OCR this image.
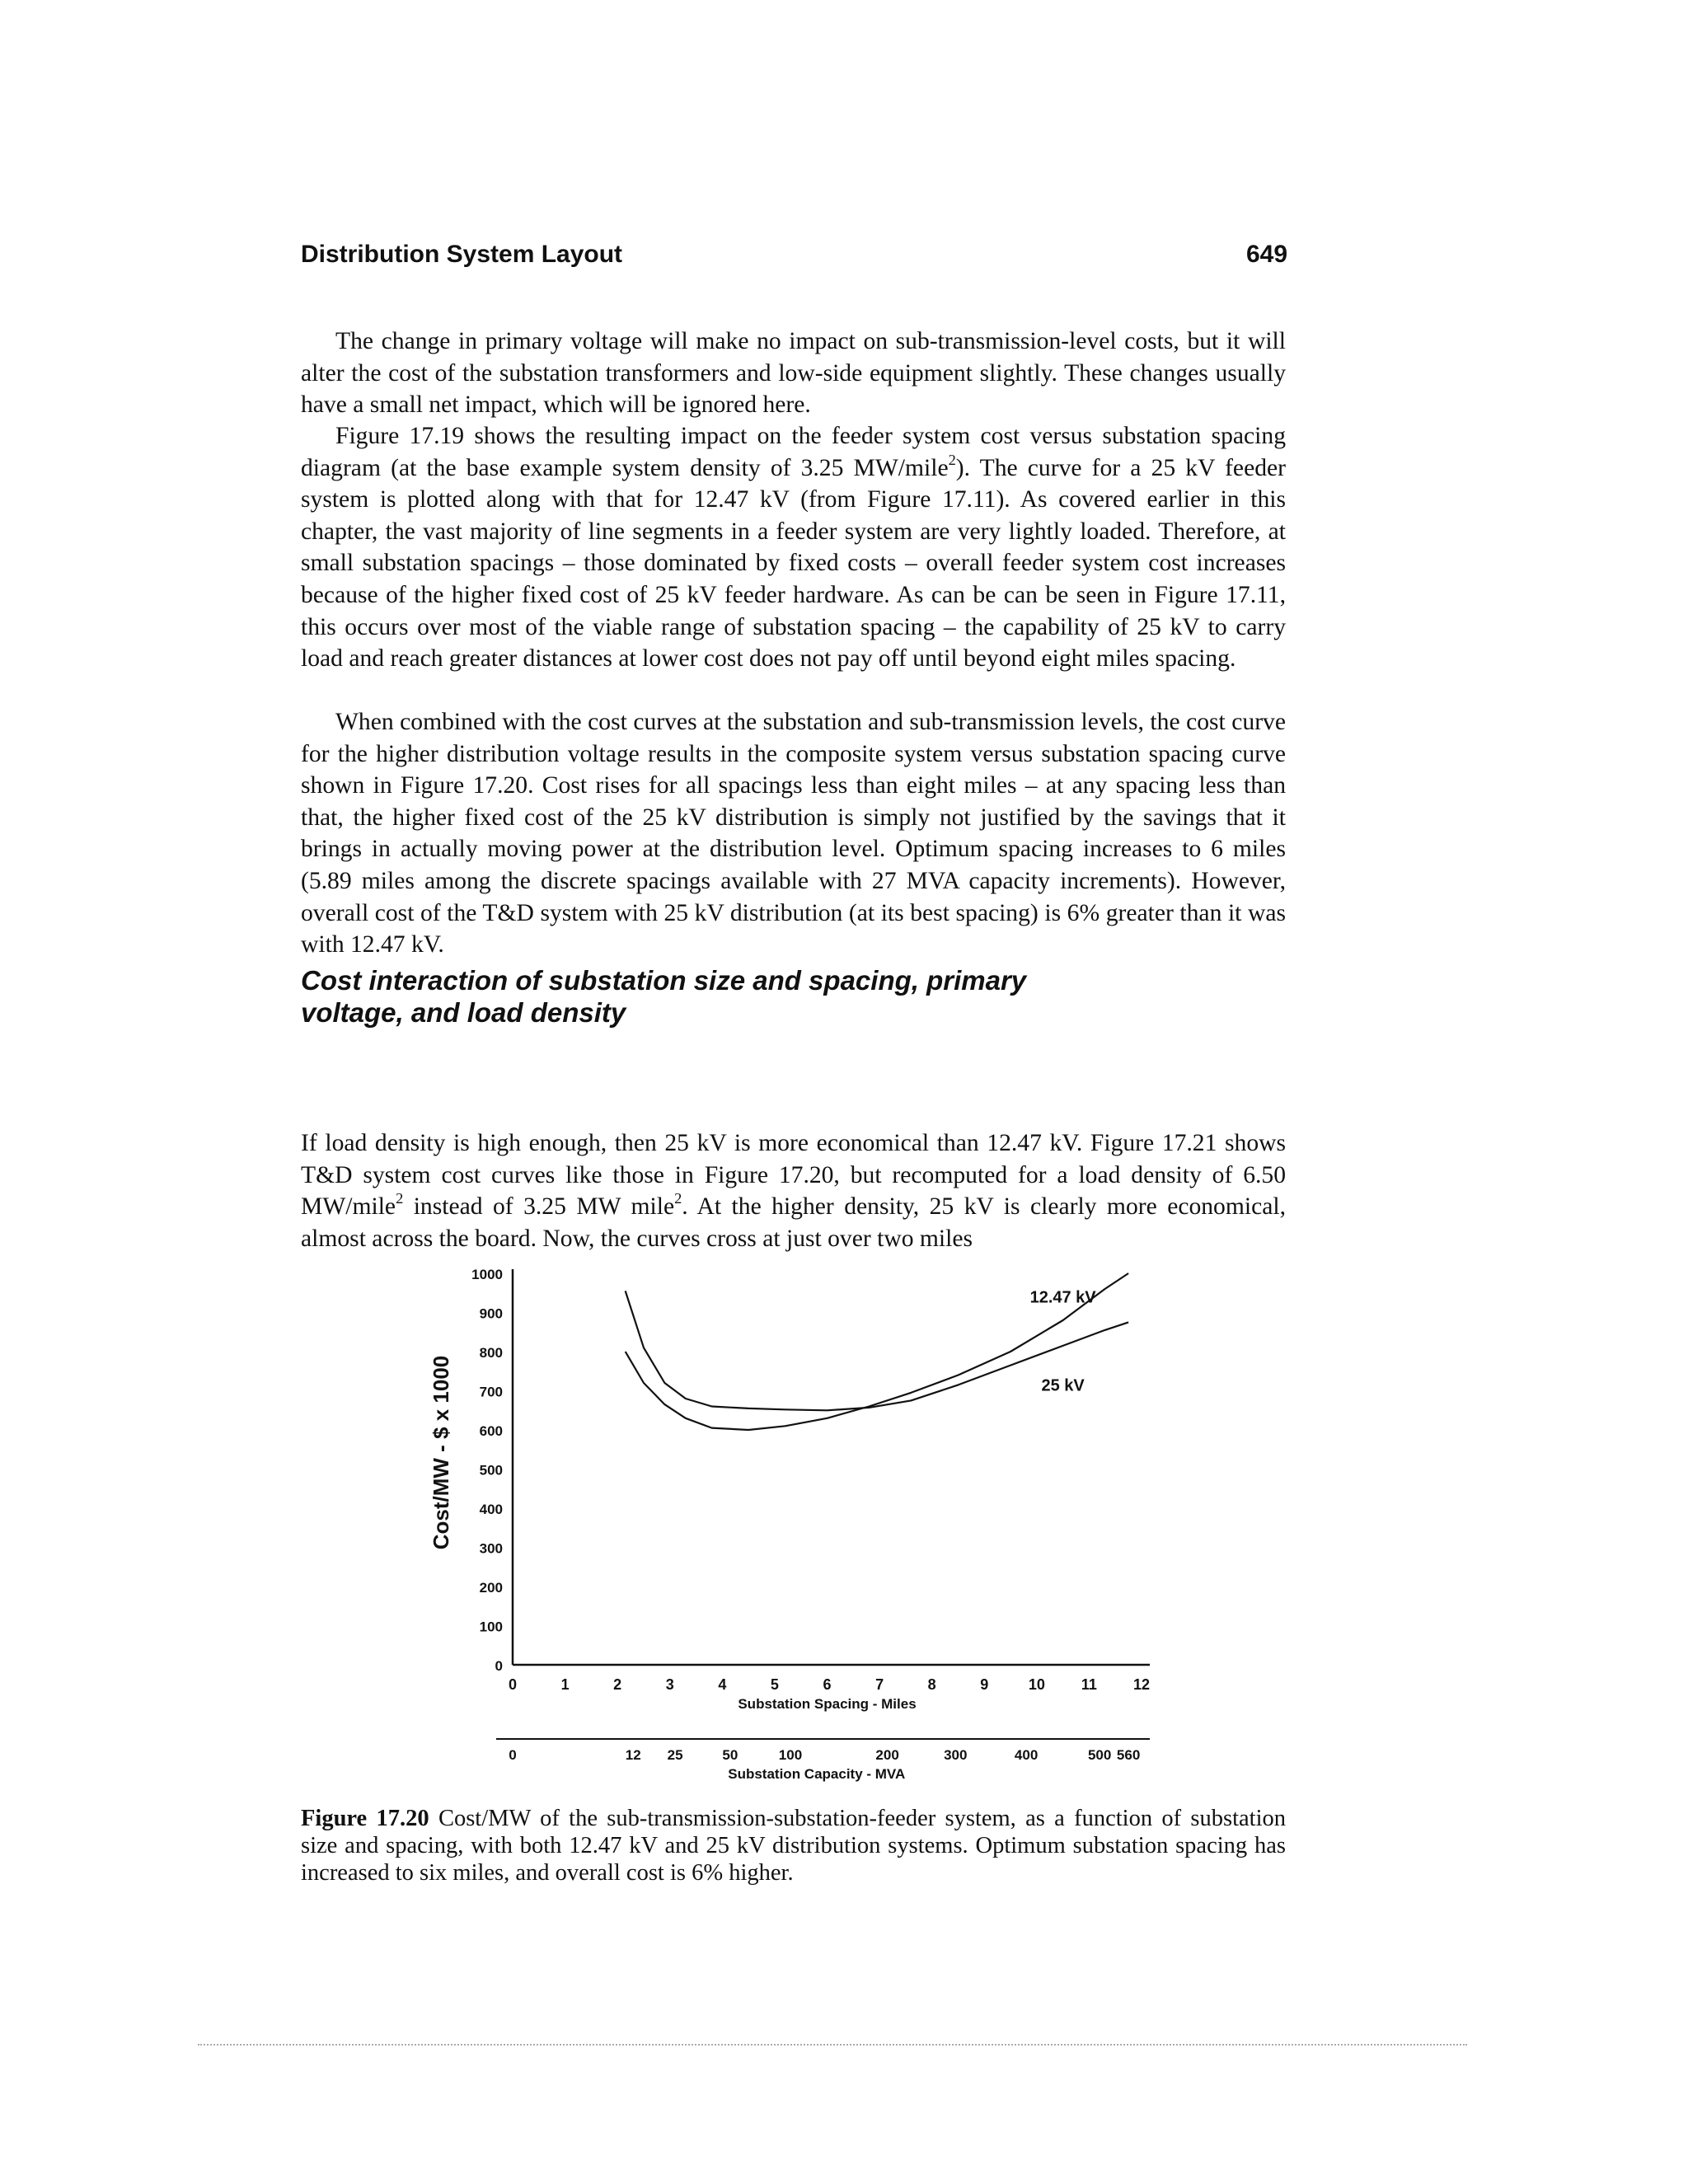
Distribution System Layout	649

The change in primary voltage will make no impact on sub-transmission-level costs, but it will alter the cost of the substation transformers and low-side equipment slightly. These changes usually have a small net impact, which will be ignored here.

Figure 17.19 shows the resulting impact on the feeder system cost versus substation spacing diagram (at the base example system density of 3.25 MW/mile$^2$). The curve for a 25 kV feeder system is plotted along with that for 12.47 kV (from Figure 17.11). As covered earlier in this chapter, the vast majority of line segments in a feeder system are very lightly loaded. Therefore, at small substation spacings – those dominated by fixed costs – overall feeder system cost increases because of the higher fixed cost of 25 kV feeder hardware. As can be can be seen in Figure 17.11, this occurs over most of the viable range of substation spacing – the capability of 25 kV to carry load and reach greater distances at lower cost does not pay off until beyond eight miles spacing.

When combined with the cost curves at the substation and sub-transmission levels, the cost curve for the higher distribution voltage results in the composite system versus substation spacing curve shown in Figure 17.20. Cost rises for all spacings less than eight miles – at any spacing less than that, the higher fixed cost of the 25 kV distribution is simply not justified by the savings that it brings in actually moving power at the distribution level. Optimum spacing increases to 6 miles (5.89 miles among the discrete spacings available with 27 MVA capacity increments). However, overall cost of the T&D system with 25 kV distribution (at its best spacing) is 6% greater than it was with 12.47 kV.

Cost interaction of substation size and spacing, primary voltage, and load density

If load density is high enough, then 25 kV is more economical than 12.47 kV. Figure 17.21 shows T&D system cost curves like those in Figure 17.20, but recomputed for a load density of 6.50 MW/mile$^2$ instead of 3.25 MW mile$^2$. At the higher density, 25 kV is clearly more economical, almost across the board. Now, the curves cross at just over two miles

0
100
200
300
400
500
600
700
800
900
1000
0	1	2	3	4	5	6	7	8	9	10 11 12
Substation Spacing - Miles
0	12 25	50	100	200	300	400	500 560
Substation Capacity - MVA
Cost/MW - $ x 1000
12.47 kV
25 kV

Figure 17.20 Cost/MW of the sub-transmission-substation-feeder system, as a function of substation size and spacing, with both 12.47 kV and 25 kV distribution systems. Optimum substation spacing has increased to six miles, and overall cost is 6% higher.
